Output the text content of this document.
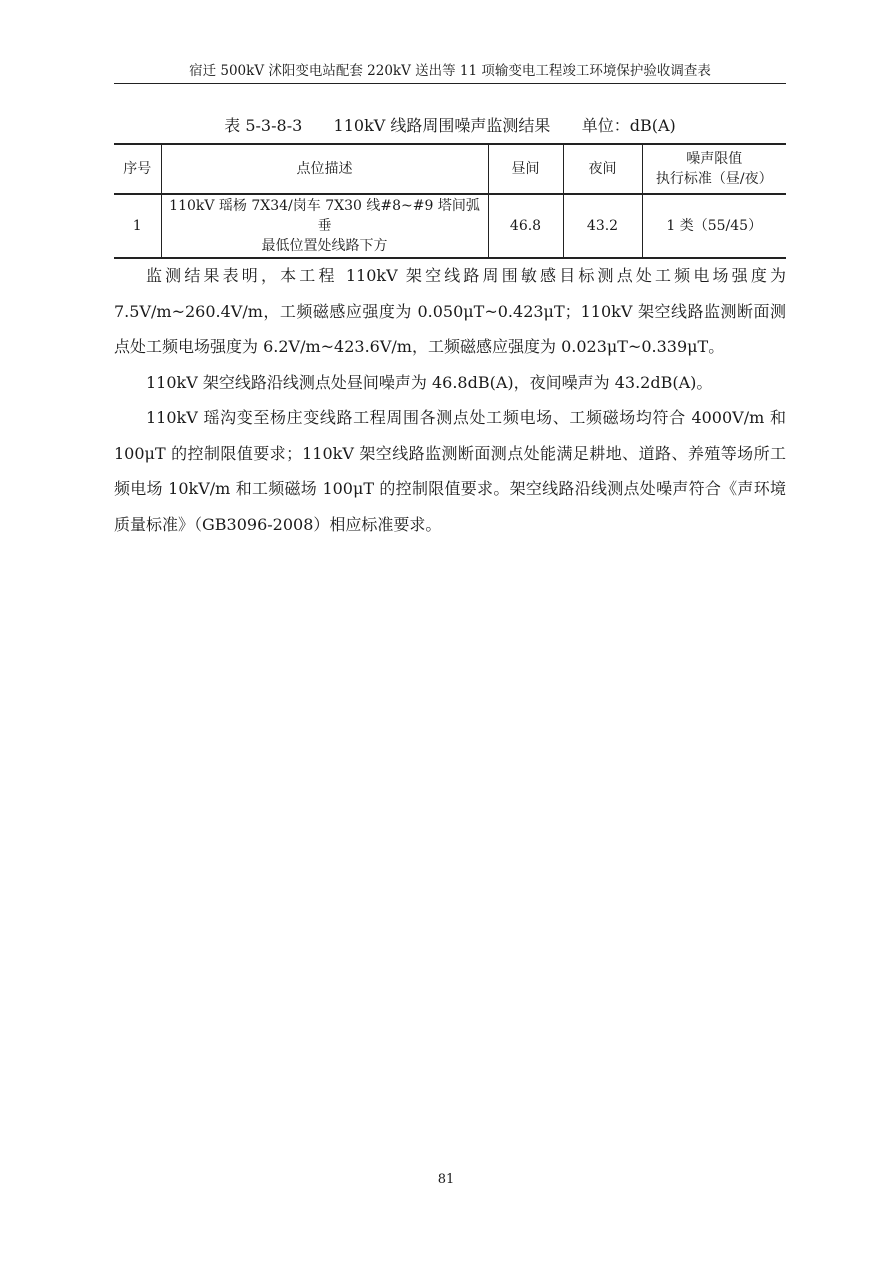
宿迁 500kV 沭阳变电站配套 220kV 送出等 11 项输变电工程竣工环境保护验收调查表
表 5-3-8-3 110kV 线路周围噪声监测结果 单位：dB(A)
序号	点位描述	昼间	夜间	噪声限值
执行标准（昼/夜）

1	110kV 瑶杨 7X34/岗车 7X30 线#8~#9 塔间弧垂
最低位置处线路下方	46.8	43.2	1 类（55/45）

监测结果表明，本工程 110kV 架空线路周围敏感目标测点处工频电场强度为 7.5V/m~260.4V/m，工频磁感应强度为 0.050μT~0.423μT；110kV 架空线路监测断面测点处工频电场强度为 6.2V/m~423.6V/m，工频磁感应强度为 0.023μT~0.339μT。

110kV 架空线路沿线测点处昼间噪声为 46.8dB(A)，夜间噪声为 43.2dB(A)。

110kV 瑶沟变至杨庄变线路工程周围各测点处工频电场、工频磁场均符合 4000V/m 和 100μT 的控制限值要求；110kV 架空线路监测断面测点处能满足耕地、道路、养殖等场所工频电场 10kV/m 和工频磁场 100μT 的控制限值要求。架空线路沿线测点处噪声符合《声环境质量标准》（GB3096-2008）相应标准要求。

81
